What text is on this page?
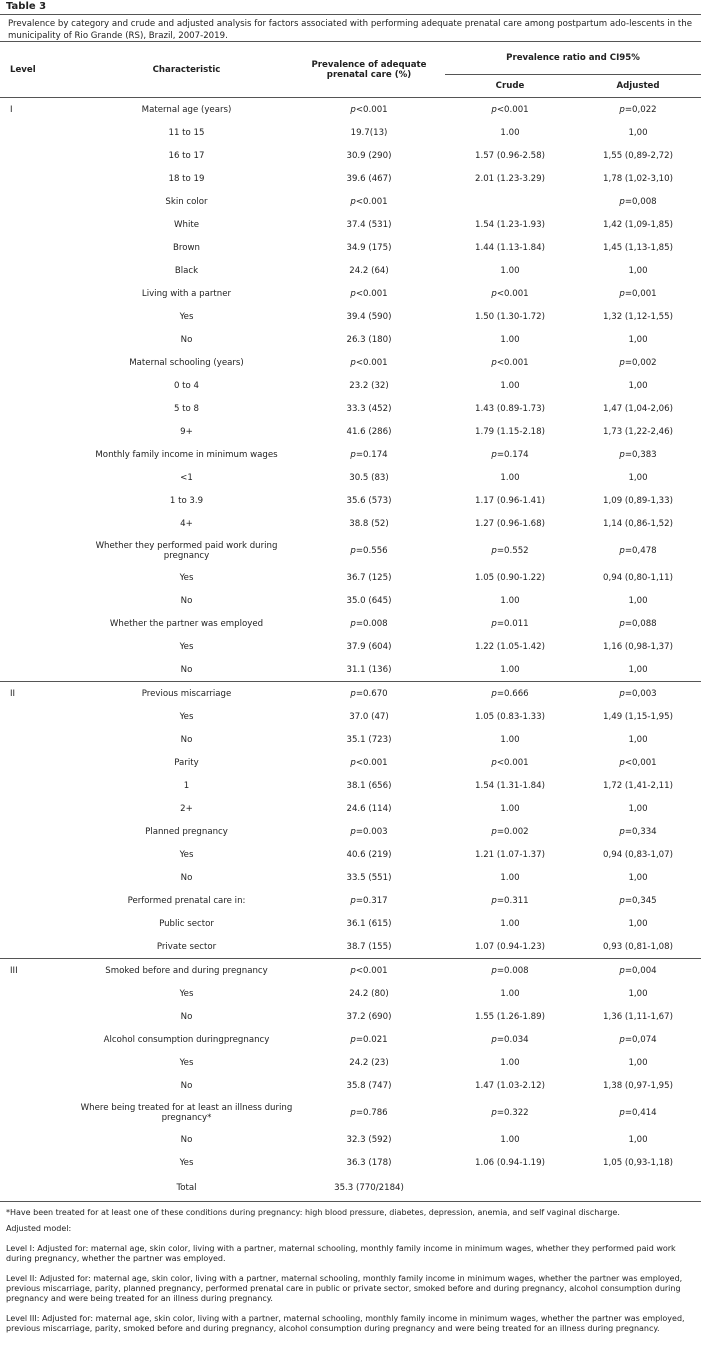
Table 3
Prevalence by category and crude and adjusted analysis for factors associated with performing adequate prenatal care among postpartum ado-lescents in the municipality of Rio Grande (RS), Brazil, 2007-2019.
Level	Characteristic	Prevalence of adequate prenatal care (%)	Prevalence ratio and CI95%	
			Crude	Adjusted
I	Maternal age (years)	p<0.001	p<0.001	p=0,022
	11 to 15	19.7(13)	1.00	1,00
	16 to 17	30.9 (290)	1.57 (0.96-2.58)	1,55 (0,89-2,72)
	18 to 19	39.6 (467)	2.01 (1.23-3.29)	1,78 (1,02-3,10)
	Skin color	p<0.001		p=0,008
	White	37.4 (531)	1.54 (1.23-1.93)	1,42 (1,09-1,85)
	Brown	34.9 (175)	1.44 (1.13-1.84)	1,45 (1,13-1,85)
	Black	24.2 (64)	1.00	1,00
	Living with a partner	p<0.001	p<0.001	p=0,001
	Yes	39.4 (590)	1.50 (1.30-1.72)	1,32 (1,12-1,55)
	No	26.3 (180)	1.00	1,00
	Maternal schooling (years)	p<0.001	p<0.001	p=0,002
	0 to 4	23.2 (32)	1.00	1,00
	5 to 8	33.3 (452)	1.43 (0.89-1.73)	1,47 (1,04-2,06)
	9+	41.6 (286)	1.79 (1.15-2.18)	1,73 (1,22-2,46)
	Monthly family income in minimum wages	p=0.174	p=0.174	p=0,383
	<1	30.5 (83)	1.00	1,00
	1 to 3.9	35.6 (573)	1.17 (0.96-1.41)	1,09 (0,89-1,33)
	4+	38.8 (52)	1.27 (0.96-1.68)	1,14 (0,86-1,52)
	Whether they performed paid work during pregnancy	p=0.556	p=0.552	p=0,478
	Yes	36.7 (125)	1.05 (0.90-1.22)	0,94 (0,80-1,11)
	No	35.0 (645)	1.00	1,00
	Whether the partner was employed	p=0.008	p=0.011	p=0,088
	Yes	37.9 (604)	1.22 (1.05-1.42)	1,16 (0,98-1,37)
	No	31.1 (136)	1.00	1,00
II	Previous miscarriage	p=0.670	p=0.666	p=0,003
	Yes	37.0 (47)	1.05 (0.83-1.33)	1,49 (1,15-1,95)
	No	35.1 (723)	1.00	1,00
	Parity	p<0.001	p<0.001	p<0,001
	1	38.1 (656)	1.54 (1.31-1.84)	1,72 (1,41-2,11)
	2+	24.6 (114)	1.00	1,00
	Planned pregnancy	p=0.003	p=0.002	p=0,334
	Yes	40.6 (219)	1.21 (1.07-1.37)	0,94 (0,83-1,07)
	No	33.5 (551)	1.00	1,00
	Performed prenatal care in:	p=0.317	p=0.311	p=0,345
	Public sector	36.1 (615)	1.00	1,00
	Private sector	38.7 (155)	1.07 (0.94-1.23)	0,93 (0,81-1,08)
III	Smoked before and during pregnancy	p<0.001	p=0.008	p=0,004
	Yes	24.2 (80)	1.00	1,00
	No	37.2 (690)	1.55 (1.26-1.89)	1,36 (1,11-1,67)
	Alcohol consumption duringpregnancy	p=0.021	p=0.034	p=0,074
	Yes	24.2 (23)	1.00	1,00
	No	35.8 (747)	1.47 (1.03-2.12)	1,38 (0,97-1,95)
	Where being treated for at least an illness during pregnancy*	p=0.786	p=0.322	p=0,414
	No	32.3 (592)	1.00	1,00
	Yes	36.3 (178)	1.06 (0.94-1.19)	1,05 (0,93-1,18)
	Total	35.3 (770/2184)		

*Have been treated for at least one of these conditions during pregnancy: high blood pressure, diabetes, depression, anemia, and self vaginal discharge.

Adjusted model:

Level I: Adjusted for: maternal age, skin color, living with a partner, maternal schooling, monthly family income in minimum wages, whether they performed paid work during pregnancy, whether the partner was employed.

Level II: Adjusted for: maternal age, skin color, living with a partner, maternal schooling, monthly family income in minimum wages, whether the partner was employed, previous miscarriage, parity, planned pregnancy, performed prenatal care in public or private sector, smoked before and during pregnancy, alcohol consumption during pregnancy and were being treated for an illness during pregnancy.

Level III: Adjusted for: maternal age, skin color, living with a partner, maternal schooling, monthly family income in minimum wages, whether the partner was employed, previous miscarriage, parity, smoked before and during pregnancy, alcohol consumption during pregnancy and were being treated for an illness during pregnancy.
